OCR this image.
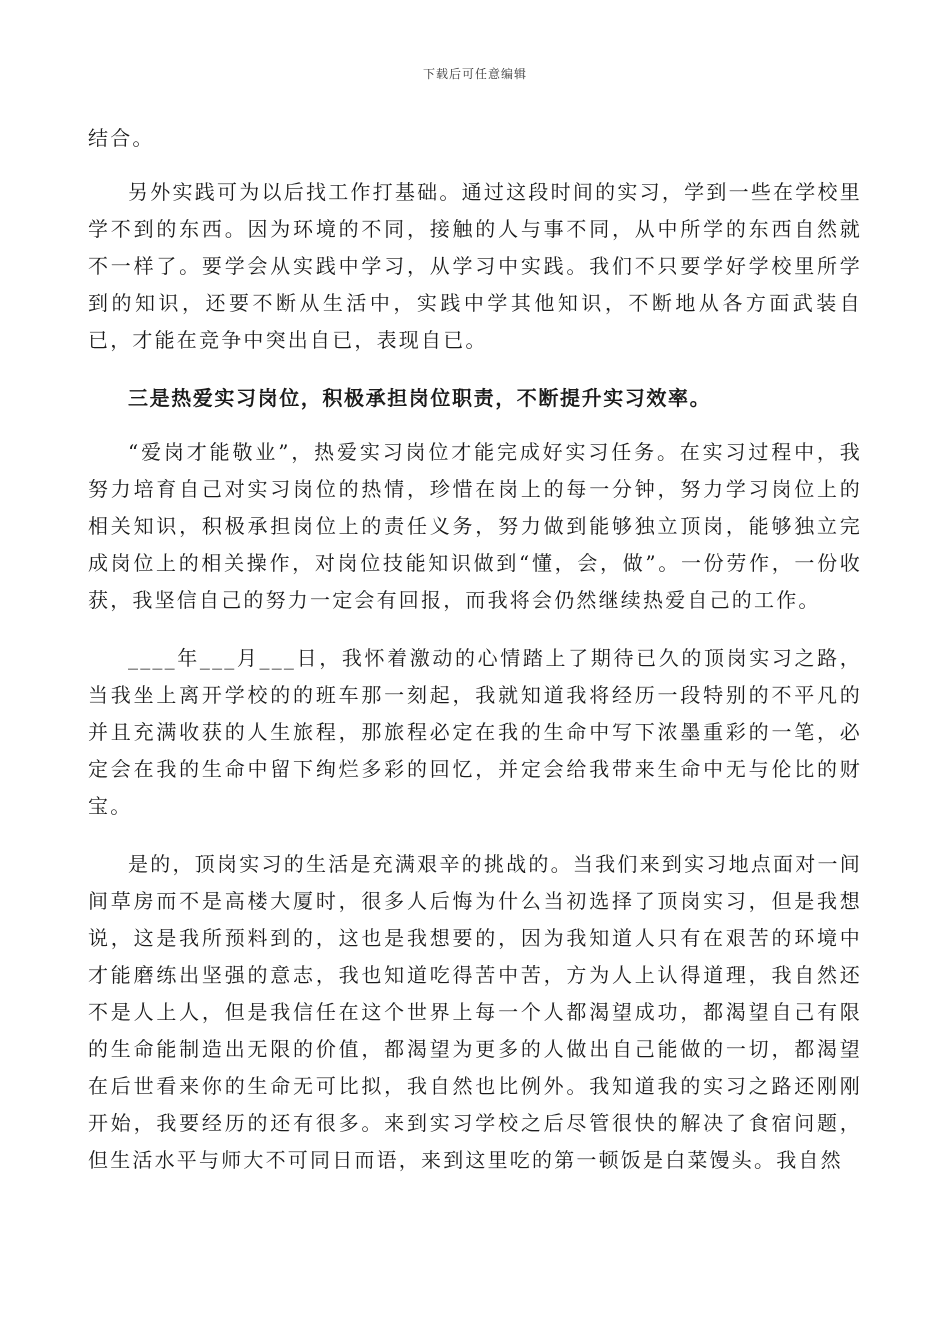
下载后可任意编辑

结合。

另外实践可为以后找工作打基础。通过这段时间的实习，学到一些在学校里学不到的东西。因为环境的不同，接触的人与事不同，从中所学的东西自然就不一样了。要学会从实践中学习，从学习中实践。我们不只要学好学校里所学到的知识，还要不断从生活中，实践中学其他知识，不断地从各方面武装自已，才能在竞争中突出自已，表现自已。

三是热爱实习岗位，积极承担岗位职责，不断提升实习效率。

“爱岗才能敬业”，热爱实习岗位才能完成好实习任务。在实习过程中，我努力培育自己对实习岗位的热情，珍惜在岗上的每一分钟，努力学习岗位上的相关知识，积极承担岗位上的责任义务，努力做到能够独立顶岗，能够独立完成岗位上的相关操作，对岗位技能知识做到“懂，会，做”。一份劳作，一份收获，我坚信自己的努力一定会有回报，而我将会仍然继续热爱自己的工作。

____年___月___日，我怀着激动的心情踏上了期待已久的顶岗实习之路，当我坐上离开学校的的班车那一刻起，我就知道我将经历一段特别的不平凡的并且充满收获的人生旅程，那旅程必定在我的生命中写下浓墨重彩的一笔，必定会在我的生命中留下绚烂多彩的回忆，并定会给我带来生命中无与伦比的财宝。

是的，顶岗实习的生活是充满艰辛的挑战的。当我们来到实习地点面对一间间草房而不是高楼大厦时，很多人后悔为什么当初选择了顶岗实习，但是我想说，这是我所预料到的，这也是我想要的，因为我知道人只有在艰苦的环境中才能磨练出坚强的意志，我也知道吃得苦中苦，方为人上认得道理，我自然还不是人上人，但是我信任在这个世界上每一个人都渴望成功，都渴望自己有限的生命能制造出无限的价值，都渴望为更多的人做出自己能做的一切，都渴望在后世看来你的生命无可比拟，我自然也比例外。我知道我的实习之路还刚刚开始，我要经历的还有很多。来到实习学校之后尽管很快的解决了食宿问题，但生活水平与师大不可同日而语，来到这里吃的第一顿饭是白菜馒头。我自然
